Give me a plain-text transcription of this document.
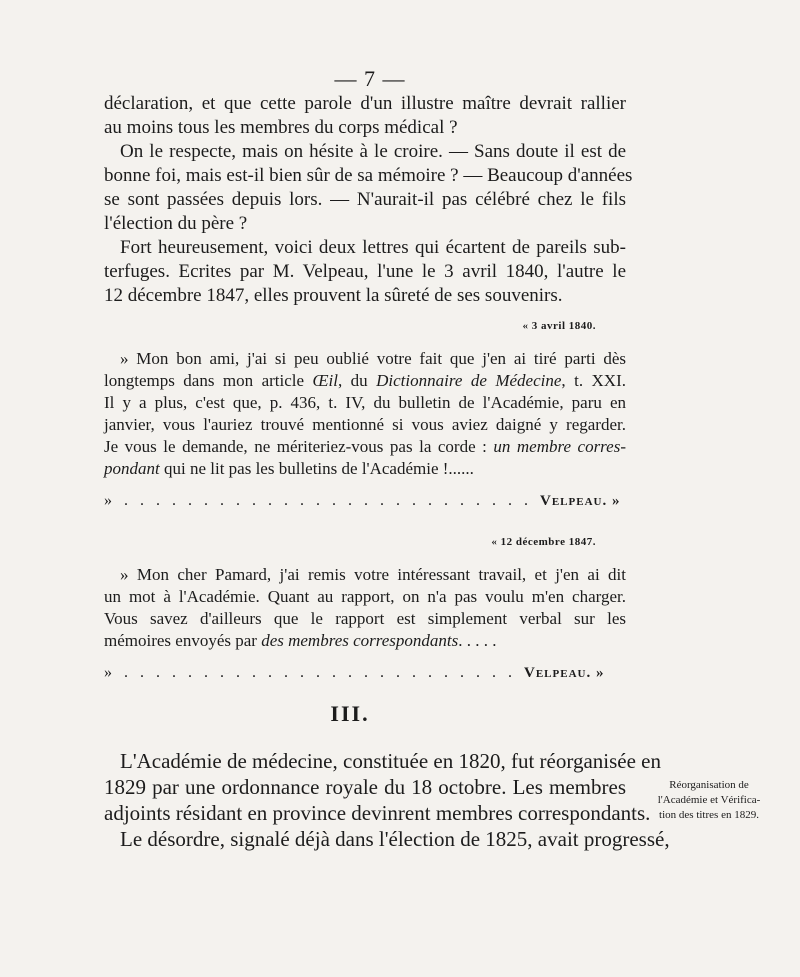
— 7 —
déclaration, et que cette parole d'un illustre maître devrait rallier
au moins tous les membres du corps médical ?
On le respecte, mais on hésite à le croire. — Sans doute il est de
bonne foi, mais est-il bien sûr de sa mémoire ? — Beaucoup d'années
se sont passées depuis lors. — N'aurait-il pas célébré chez le fils
l'élection du père ?
Fort heureusement, voici deux lettres qui écartent de pareils sub-
terfuges. Ecrites par M. Velpeau, l'une le 3 avril 1840, l'autre le
12 décembre 1847, elles prouvent la sûreté de ses souvenirs.
« 3 avril 1840.
» Mon bon ami, j'ai si peu oublié votre fait que j'en ai tiré parti dès
longtemps dans mon article Œil, du Dictionnaire de Médecine, t. XXI.
Il y a plus, c'est que, p. 436, t. IV, du bulletin de l'Académie, paru en
janvier, vous l'auriez trouvé mentionné si vous aviez daigné y regarder.
Je vous le demande, ne mériteriez-vous pas la corde : un membre corres-
pondant qui ne lit pas les bulletins de l'Académie !......
» . . . . . . . . . . . . . . . . . . . . . . . . . . Velpeau. »
« 12 décembre 1847.
» Mon cher Pamard, j'ai remis votre intéressant travail, et j'en ai dit
un mot à l'Académie. Quant au rapport, on n'a pas voulu m'en charger.
Vous savez d'ailleurs que le rapport est simplement verbal sur les
mémoires envoyés par des membres correspondants. . . . .
» . . . . . . . . . . . . . . . . . . . . . . . . . Velpeau. »
III.
L'Académie de médecine, constituée en 1820, fut réorganisée en
1829 par une ordonnance royale du 18 octobre. Les membres
adjoints résidant en province devinrent membres correspondants.
Le désordre, signalé déjà dans l'élection de 1825, avait progressé,
Réorganisation de
l'Académie et Vérifica-
tion des titres en 1829.
